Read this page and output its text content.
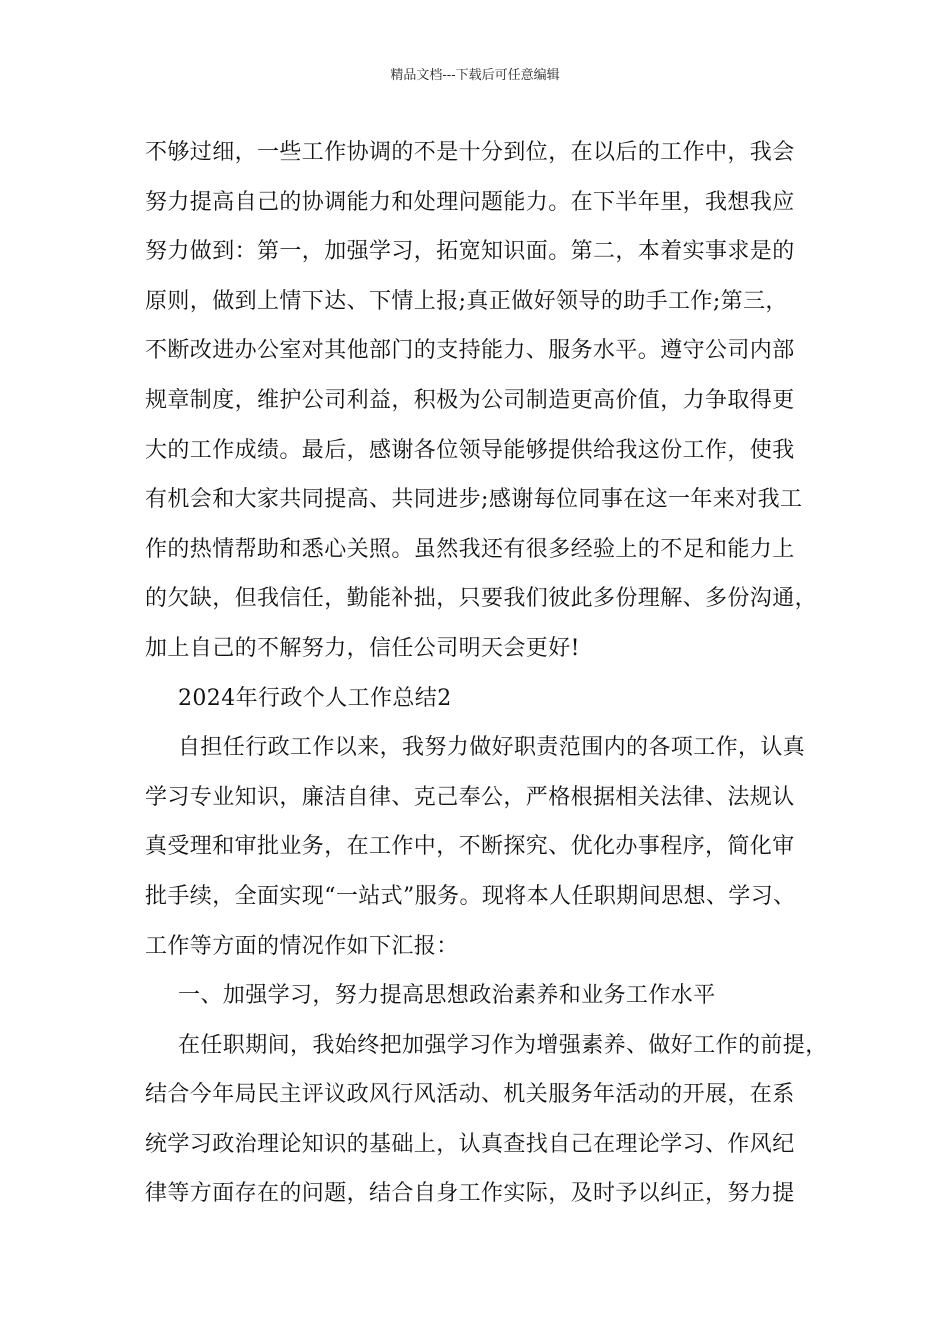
精品文档---下载后可任意编辑
不够过细，一些工作协调的不是十分到位，在以后的工作中，我会
努力提高自己的协调能力和处理问题能力。在下半年里，我想我应
努力做到：第一，加强学习，拓宽知识面。第二，本着实事求是的
原则，做到上情下达、下情上报;真正做好领导的助手工作;第三，
不断改进办公室对其他部门的支持能力、服务水平。遵守公司内部
规章制度，维护公司利益，积极为公司制造更高价值，力争取得更
大的工作成绩。最后，感谢各位领导能够提供给我这份工作，使我
有机会和大家共同提高、共同进步;感谢每位同事在这一年来对我工
作的热情帮助和悉心关照。虽然我还有很多经验上的不足和能力上
的欠缺，但我信任，勤能补拙，只要我们彼此多份理解、多份沟通，
加上自己的不解努力，信任公司明天会更好!
2024年行政个人工作总结2
自担任行政工作以来，我努力做好职责范围内的各项工作，认真
学习专业知识，廉洁自律、克己奉公，严格根据相关法律、法规认
真受理和审批业务，在工作中，不断探究、优化办事程序，简化审
批手续，全面实现“一站式”服务。现将本人任职期间思想、学习、
工作等方面的情况作如下汇报：
一、加强学习，努力提高思想政治素养和业务工作水平
在任职期间，我始终把加强学习作为增强素养、做好工作的前提，
结合今年局民主评议政风行风活动、机关服务年活动的开展，在系
统学习政治理论知识的基础上，认真查找自己在理论学习、作风纪
律等方面存在的问题，结合自身工作实际，及时予以纠正，努力提
